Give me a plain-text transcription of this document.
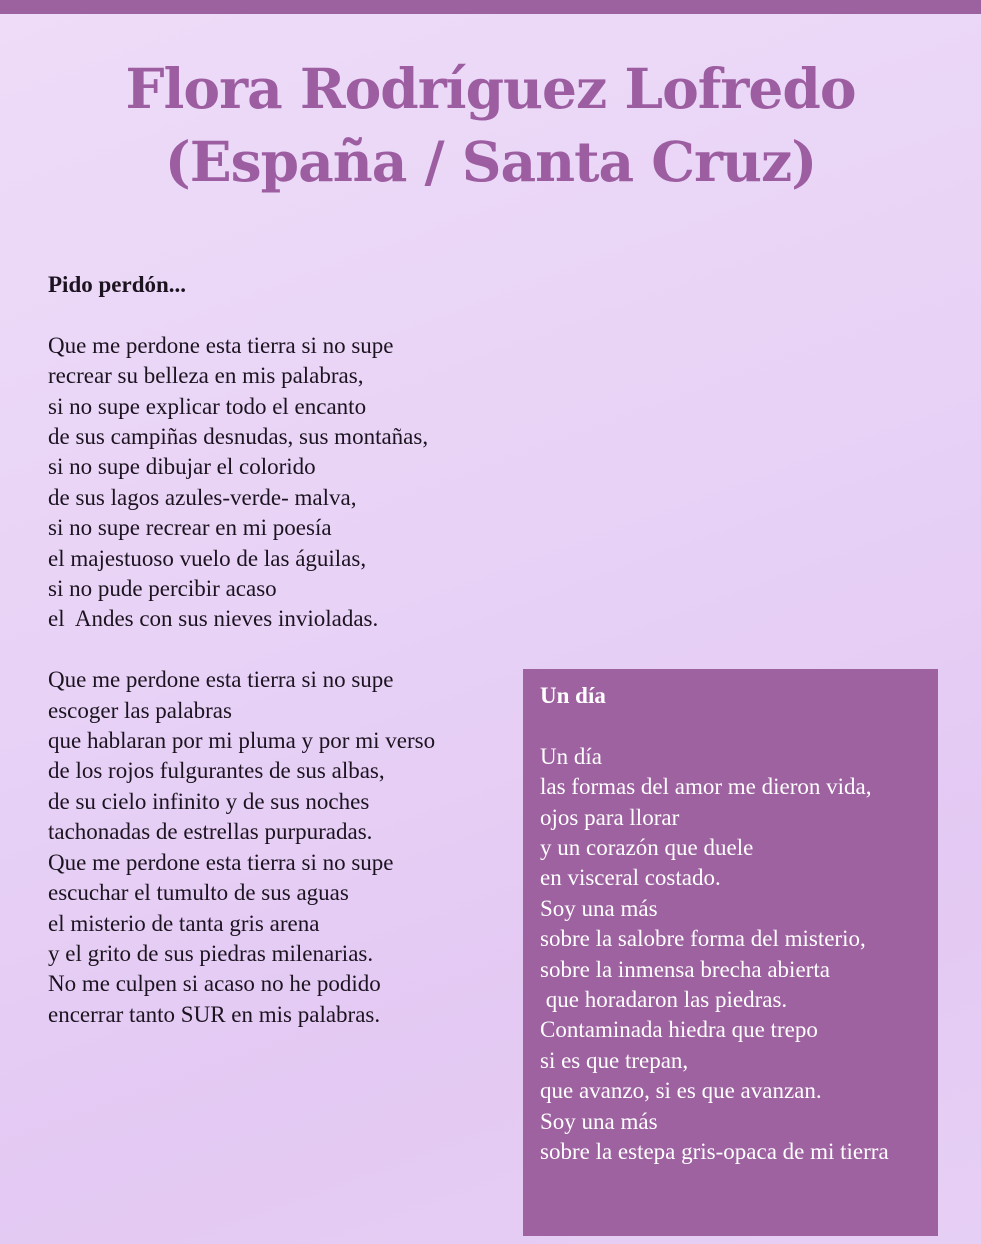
Flora Rodríguez Lofredo
(España / Santa Cruz)
Pido perdón...
Que me perdone esta tierra si no supe
recrear su belleza en mis palabras,
si no supe explicar todo el encanto
de sus campiñas desnudas, sus montañas,
si no supe dibujar el colorido
de sus lagos azules-verde- malva,
si no supe recrear en mi poesía
el majestuoso vuelo de las águilas,
si no pude percibir acaso
el  Andes con sus nieves invioladas.
Que me perdone esta tierra si no supe
escoger las palabras
que hablaran por mi pluma y por mi verso
de los rojos fulgurantes de sus albas,
de su cielo infinito y de sus noches
tachonadas de estrellas purpuradas.
Que me perdone esta tierra si no supe
escuchar el tumulto de sus aguas
el misterio de tanta gris arena
y el grito de sus piedras milenarias.
No me culpen si acaso no he podido
encerrar tanto SUR en mis palabras.
Un día
Un día
las formas del amor me dieron vida,
ojos para llorar
y un corazón que duele
en visceral costado.
Soy una más
sobre la salobre forma del misterio,
sobre la inmensa brecha abierta
que horadaron las piedras.
Contaminada hiedra que trepo
si es que trepan,
que avanzo, si es que avanzan.
Soy una más
sobre la estepa gris-opaca de mi tierra
